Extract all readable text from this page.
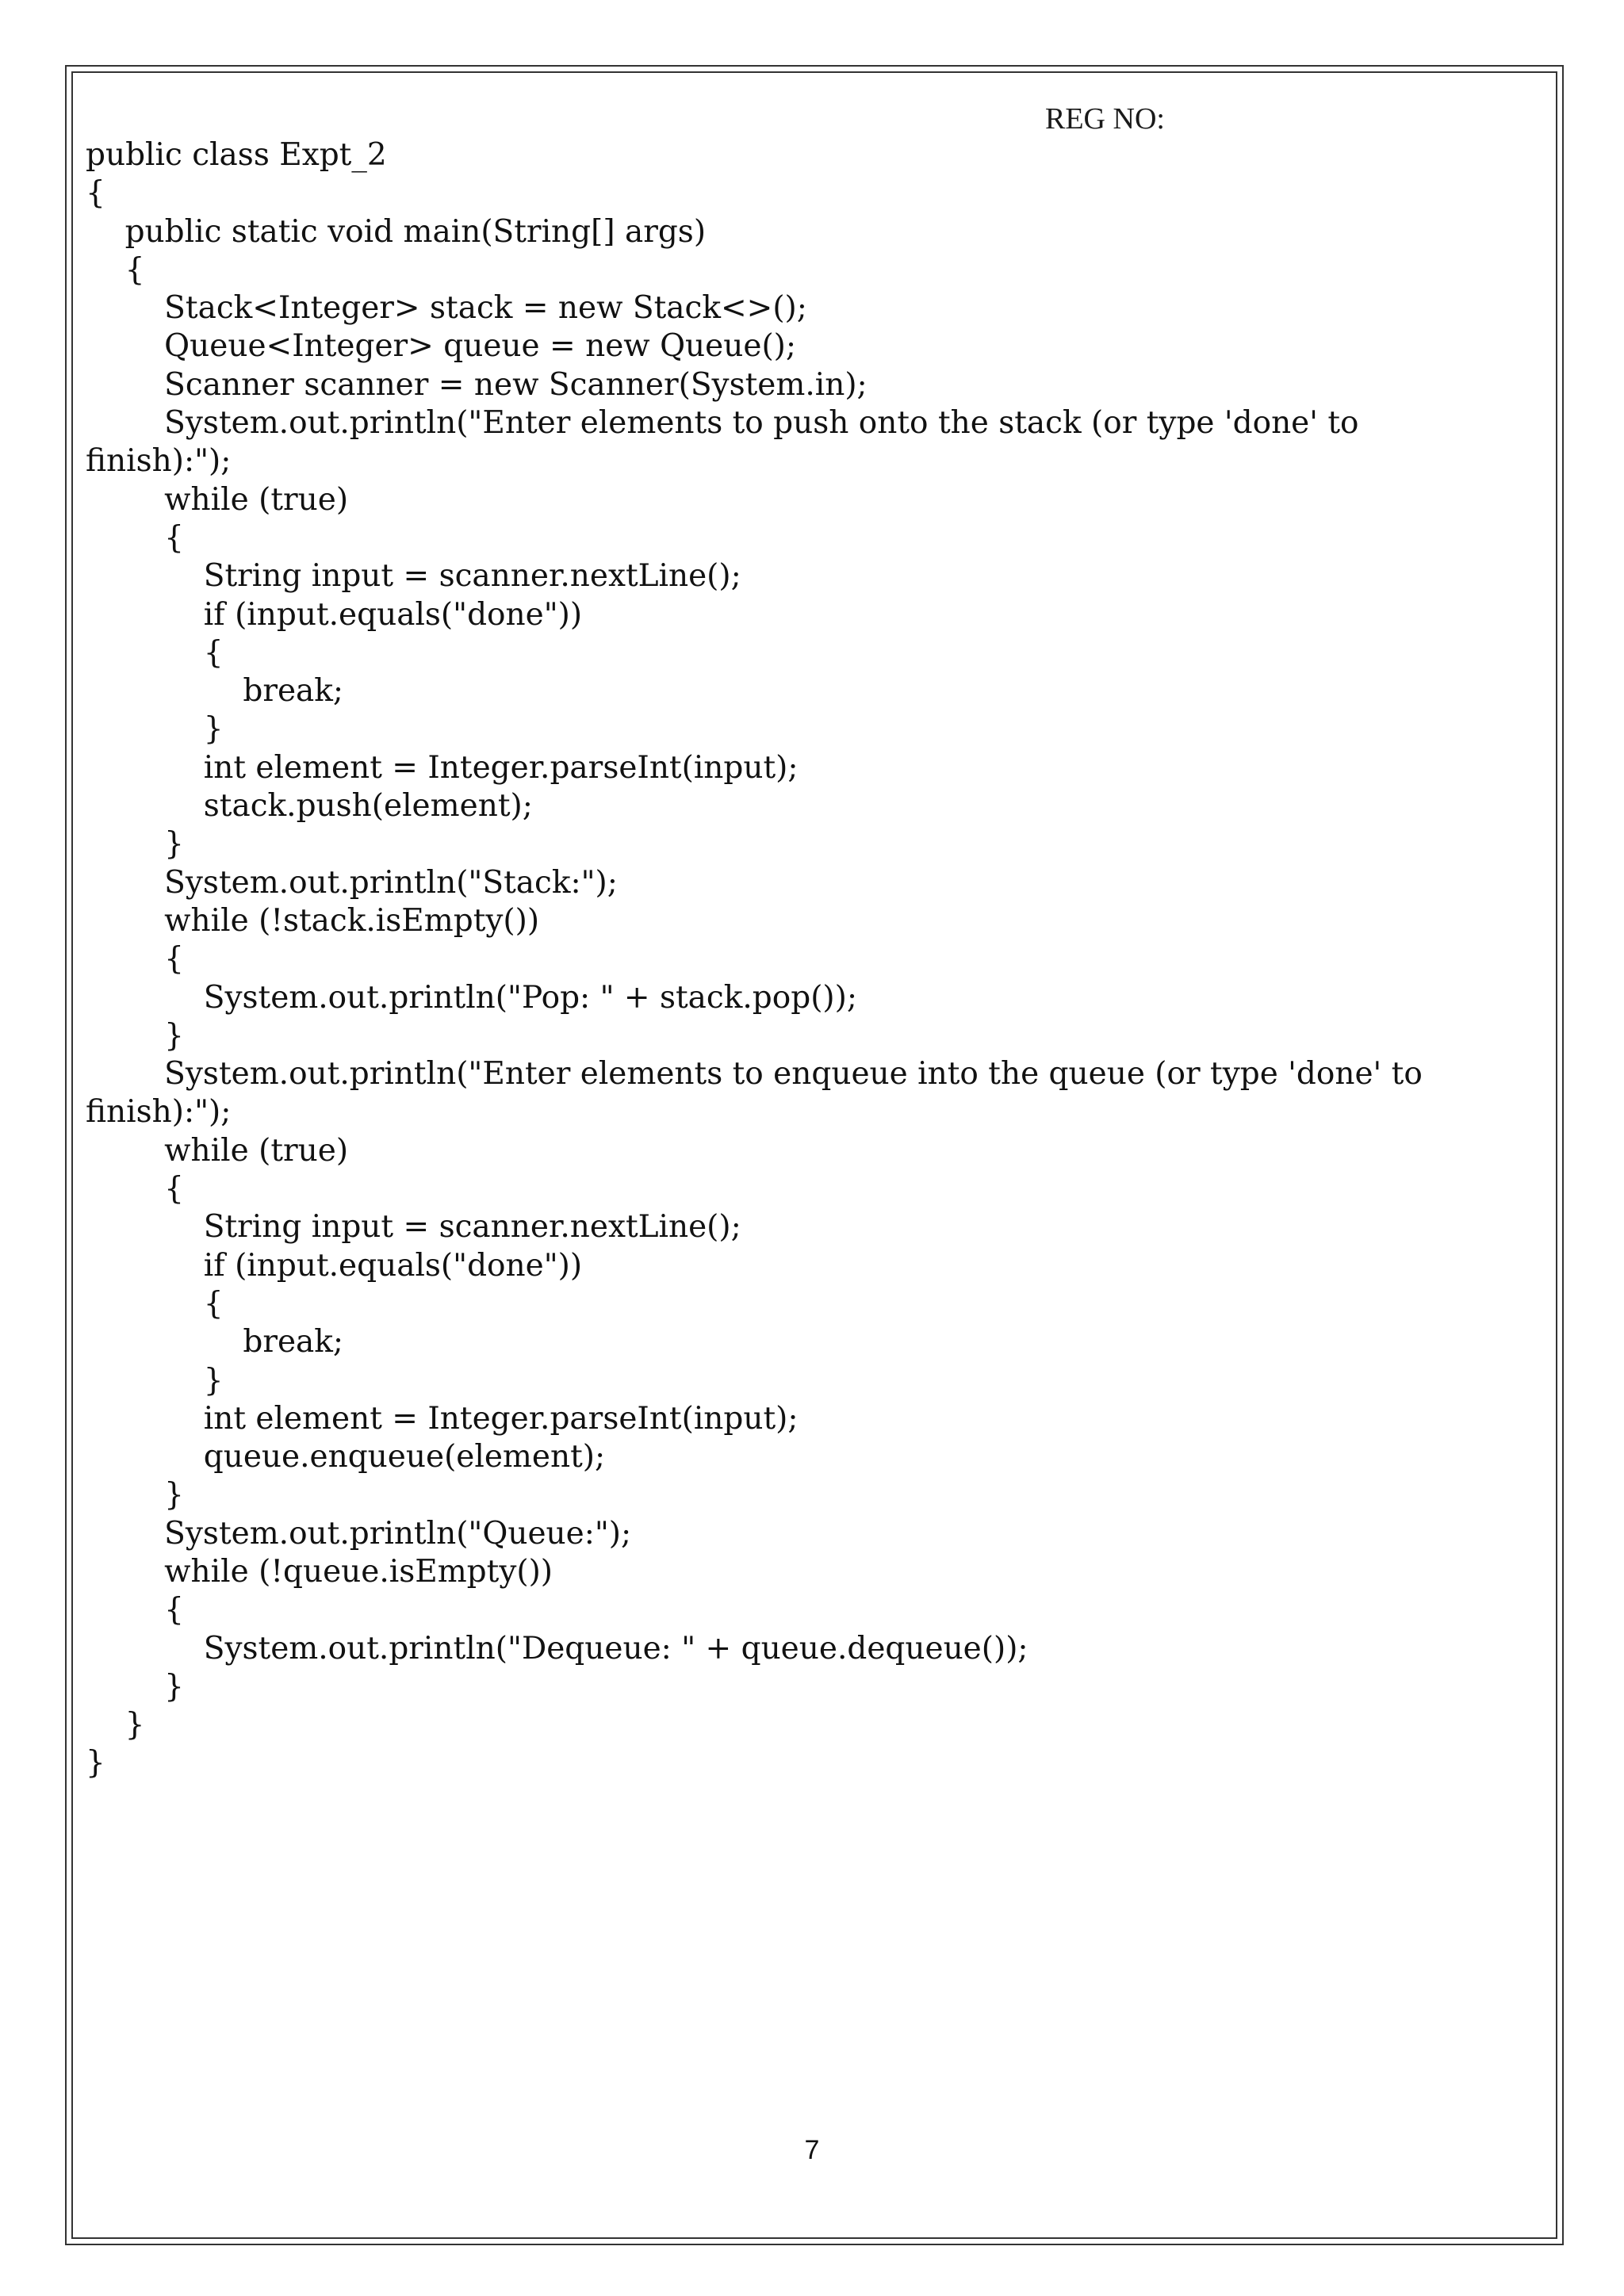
REG NO:
public class Expt_2
{
public static void main(String[] args)
{
Stack<Integer> stack = new Stack<>();
Queue<Integer> queue = new Queue();
Scanner scanner = new Scanner(System.in);
System.out.println("Enter elements to push onto the stack (or type 'done' to
finish):");
while (true)
{
String input = scanner.nextLine();
if (input.equals("done"))
{
break;
}
int element = Integer.parseInt(input);
stack.push(element);
}
System.out.println("Stack:");
while (!stack.isEmpty())
{
System.out.println("Pop: " + stack.pop());
}
System.out.println("Enter elements to enqueue into the queue (or type 'done' to
finish):");
while (true)
{
String input = scanner.nextLine();
if (input.equals("done"))
{
break;
}
int element = Integer.parseInt(input);
queue.enqueue(element);
}
System.out.println("Queue:");
while (!queue.isEmpty())
{
System.out.println("Dequeue: " + queue.dequeue());
}
}
}
7
